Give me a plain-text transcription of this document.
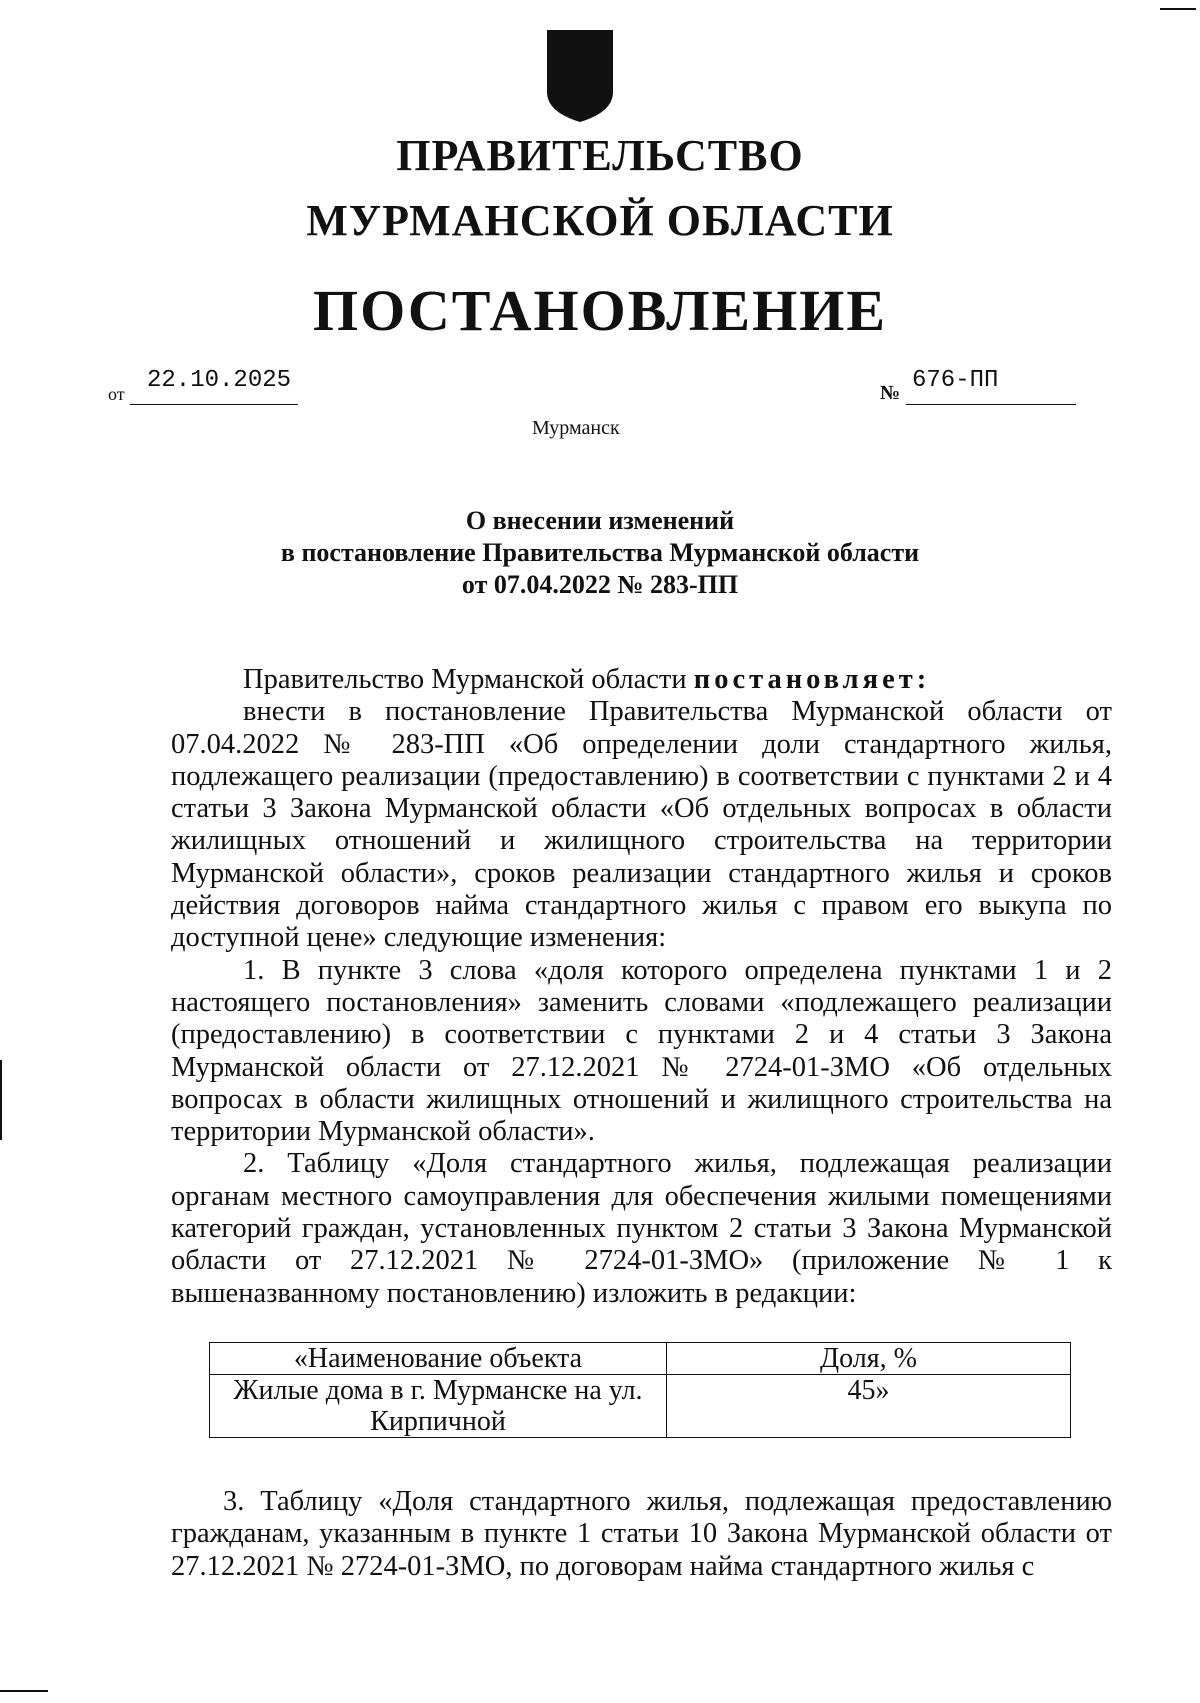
ПРАВИТЕЛЬСТВО
МУРМАНСКОЙ ОБЛАСТИ
ПОСТАНОВЛЕНИЕ
от 22.10.2025	№ 676-ПП
Мурманск
О внесении изменений
в постановление Правительства Мурманской области
от 07.04.2022 № 283-ПП

Правительство Мурманской области постановляет:

внести в постановление Правительства Мурманской области от 07.04.2022 № 283-ПП «Об определении доли стандартного жилья, подлежащего реализации (предоставлению) в соответствии с пунктами 2 и 4 статьи 3 Закона Мурманской области «Об отдельных вопросах в области жилищных отношений и жилищного строительства на территории Мурманской области», сроков реализации стандартного жилья и сроков действия договоров найма стандартного жилья с правом его выкупа по доступной цене» следующие изменения:

1. В пункте 3 слова «доля которого определена пунктами 1 и 2 настоящего постановления» заменить словами «подлежащего реализации (предоставлению) в соответствии с пунктами 2 и 4 статьи 3 Закона Мурманской области от 27.12.2021 № 2724-01-ЗМО «Об отдельных вопросах в области жилищных отношений и жилищного строительства на территории Мурманской области».

2. Таблицу «Доля стандартного жилья, подлежащая реализации органам местного самоуправления для обеспечения жилыми помещениями категорий граждан, установленных пунктом 2 статьи 3 Закона Мурманской области от 27.12.2021 № 2724-01-ЗМО» (приложение № 1 к вышеназванному постановлению) изложить в редакции:

«Наименование объекта	Доля, %
Жилые дома в г. Мурманске на ул. Кирпичной	45»

3. Таблицу «Доля стандартного жилья, подлежащая предоставлению гражданам, указанным в пункте 1 статьи 10 Закона Мурманской области от 27.12.2021 № 2724-01-ЗМО, по договорам найма стандартного жилья с
